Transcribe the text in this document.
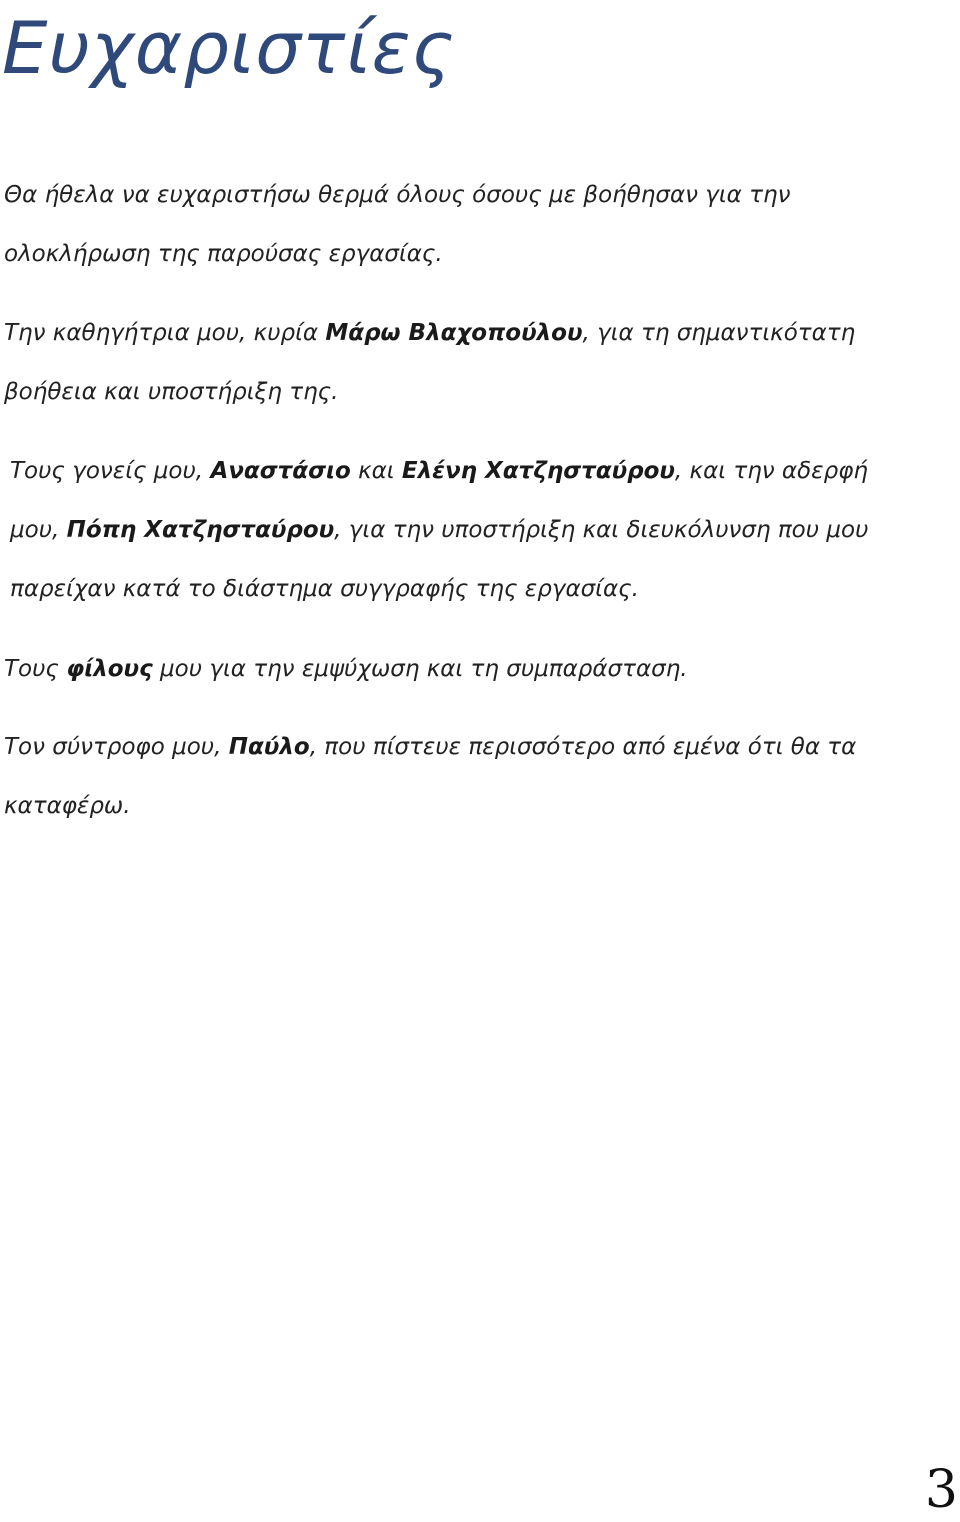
Ευχαριστίες

Θα ήθελα να ευχαριστήσω θερμά όλους όσους με βοήθησαν για την ολοκλήρωση της παρούσας εργασίας.

Την καθηγήτρια μου, κυρία Μάρω Βλαχοπούλου, για τη σημαντικότατη βοήθεια και υποστήριξη της.

Τους γονείς μου, Αναστάσιο και Ελένη Χατζησταύρου, και την αδερφή μου, Πόπη Χατζησταύρου, για την υποστήριξη και διευκόλυνση που μου παρείχαν κατά το διάστημα συγγραφής της εργασίας.

Τους φίλους μου για την εμψύχωση και τη συμπαράσταση.

Τον σύντροφο μου, Παύλο, που πίστευε περισσότερο από εμένα ότι θα τα καταφέρω.

3
